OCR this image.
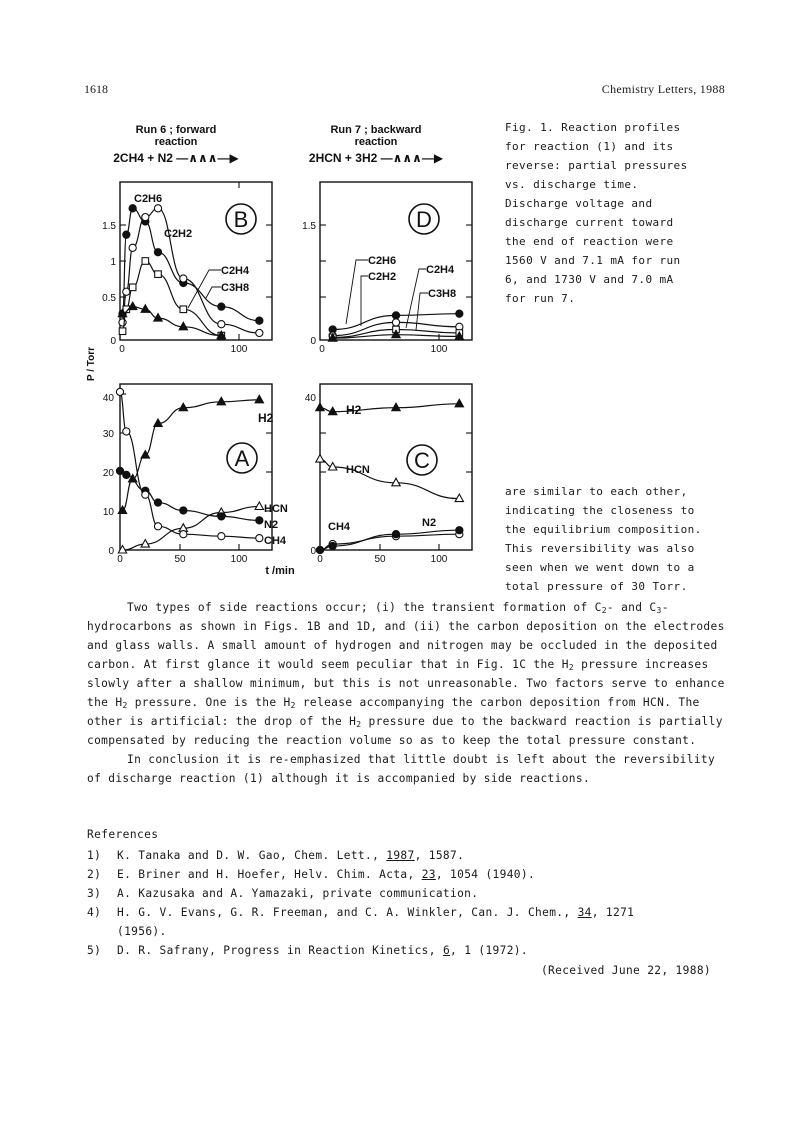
1618	Chemistry Letters, 1988
Run 6 ; forward
reaction
2CH4 + N2 —∧∧∧—▶
Run 7 ; backward
reaction
2HCN + 3H2 —∧∧∧—▶
0
0.5
1
1.5
0	100
0
1.5
0	100
0
10
20
30
40
0	50	100
0
40
0	50	100
P / Torr
t /min
B	D
A	C
C2H6
C2H2
C2H4
C3H8
C2H6
C2H2
C2H4
C3H8
H2
HCN
N2
CH4
H2
HCN
CH4	N2
Fig. 1. Reaction profiles
for reaction (1) and its
reverse: partial pressures
vs. discharge time.
Discharge voltage and
discharge current toward
the end of reaction were
1560 V and 7.1 mA for run
6, and 1730 V and 7.0 mA
for run 7.
are similar to each other,
indicating the closeness to
the equilibrium composition.
This reversibility was also
seen when we went down to a
total pressure of 30 Torr.

Two types of side reactions occur; (i) the transient formation of $C_2-$ and $C_3-$ hydrocarbons as shown in Figs. 1B and 1D, and (ii) the carbon deposition on the electrodes and glass walls. A small amount of hydrogen and nitrogen may be occluded in the deposited carbon. At first glance it would seem peculiar that in Fig. 1C the $H_2$ pressure increases slowly after a shallow minimum, but this is not unreasonable. Two factors serve to enhance the $H_2$ pressure. One is the $H_2$ release accompanying the carbon deposition from HCN. The other is artificial: the drop of the $H_2$ pressure due to the backward reaction is partially compensated by reducing the reaction volume so as to keep the total pressure constant.

In conclusion it is re-emphasized that little doubt is left about the reversibility of discharge reaction (1) although it is accompanied by side reactions.

References
1) K. Tanaka and D. W. Gao, Chem. Lett., 1987, 1587.
2) E. Briner and H. Hoefer, Helv. Chim. Acta, 23, 1054 (1940).
3) A. Kazusaka and A. Yamazaki, private communication.
4) H. G. V. Evans, G. R. Freeman, and C. A. Winkler, Can. J. Chem., 34, 1271
(1956).
5) D. R. Safrany, Progress in Reaction Kinetics, 6, 1 (1972).
(Received June 22, 1988)
